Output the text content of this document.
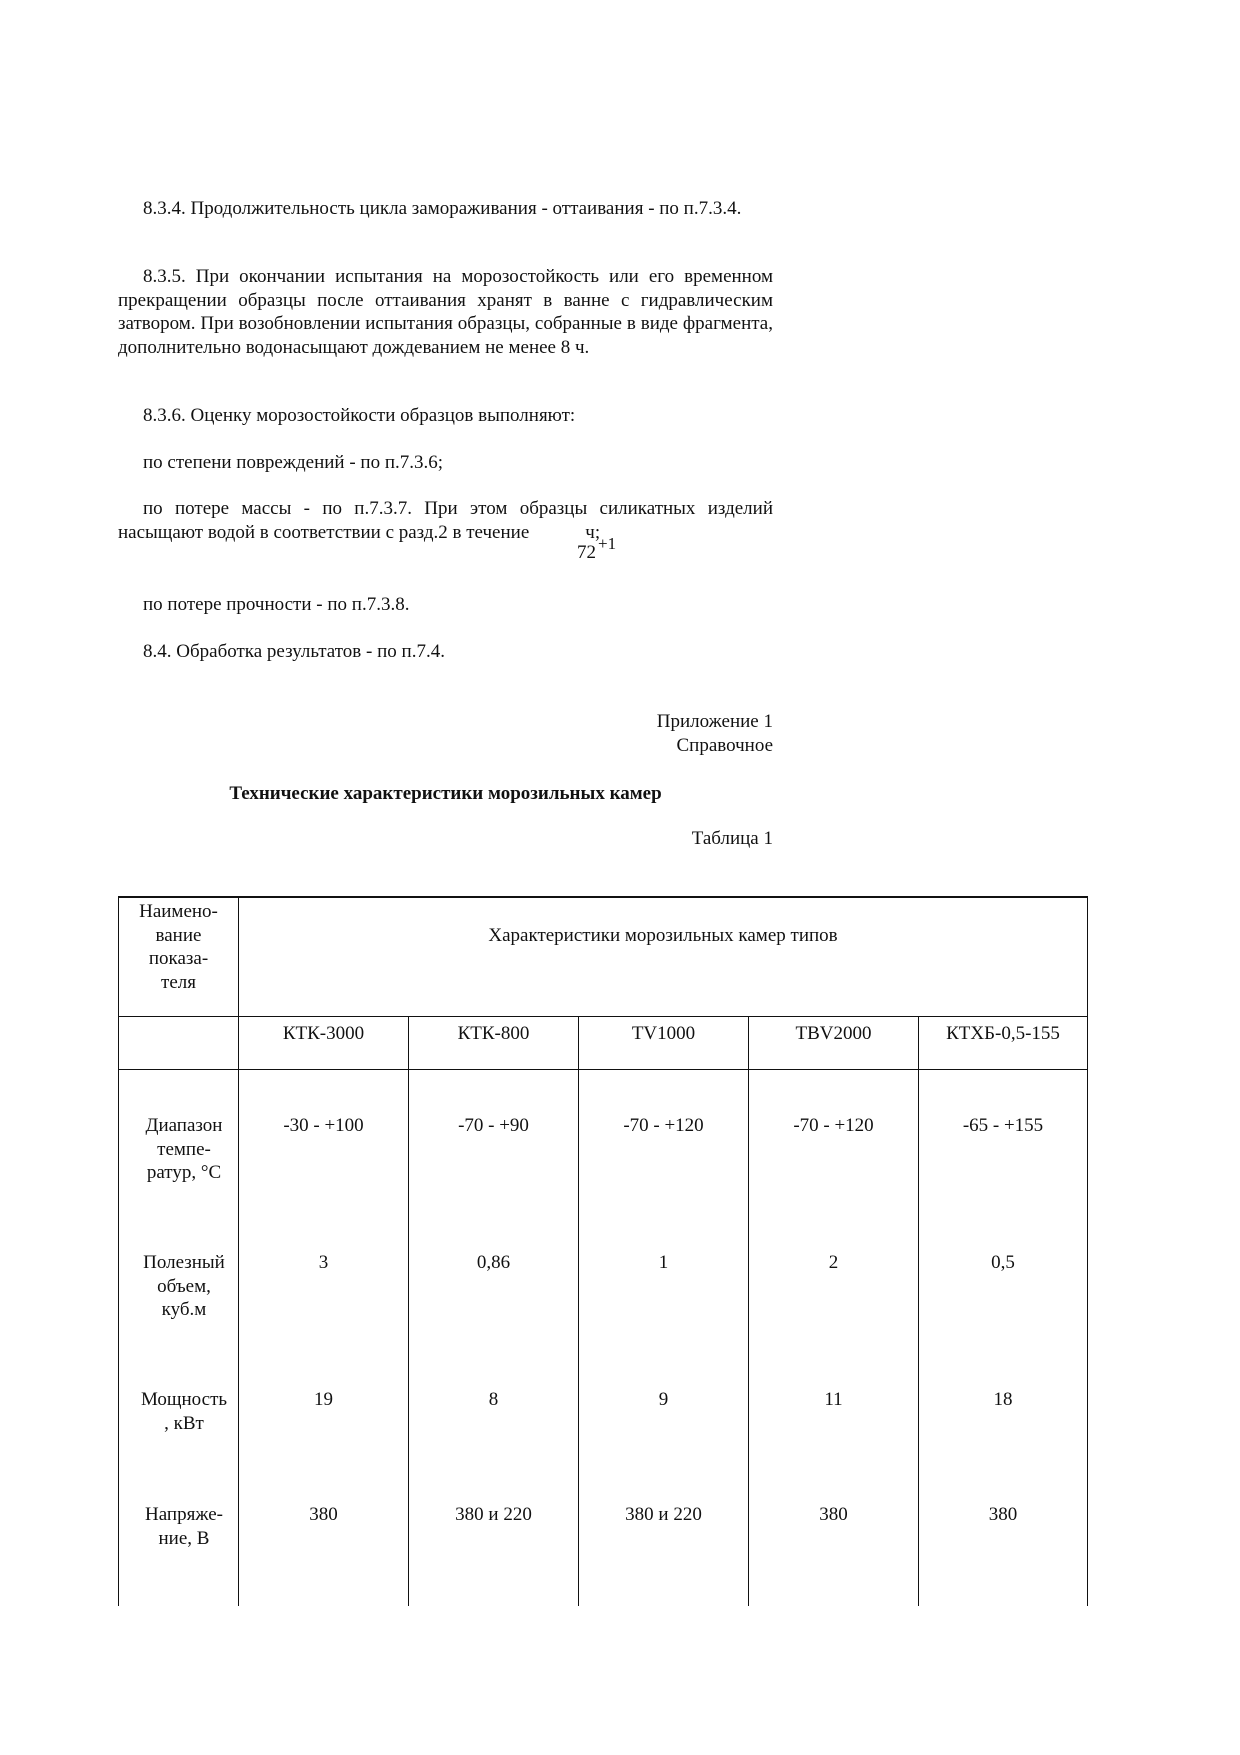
8.3.4. Продолжительность цикла замораживания - оттаивания - по п.7.3.4.

8.3.5. При окончании испытания на морозостойкость или его временном прекращении образцы после оттаивания хранят в ванне с гидравлическим затвором. При возобновлении испытания образцы, собранные в виде фрагмента, дополнительно водонасыщают дождеванием не менее 8 ч.

8.3.6. Оценку морозостойкости образцов выполняют:

по степени повреждений - по п.7.3.6;

по потере массы - по п.7.3.7. При этом образцы силикатных изделий насыщают водой в соответствии с разд.2 в течение	ч;

72 +1

по потере прочности - по п.7.3.8.

8.4. Обработка результатов - по п.7.4.

Приложение 1

Справочное

Технические характеристики морозильных камер

Таблица 1

Наимено-
вание
показа-
теля	Характеристики морозильных камер типов				

	КТК-3000	КТК-800	TV1000	TBV2000	КТХБ-0,5-155
Диапазон
темпе-
ратур, °С	-30 - +100	-70 - +90	-70 - +120	-70 - +120	-65 - +155
Полезный
объем,
куб.м	3	0,86	1	2	0,5
Мощность
, кВт	19	8	9	11	18
Напряже-
ние, В	380	380 и 220	380 и 220	380	380
